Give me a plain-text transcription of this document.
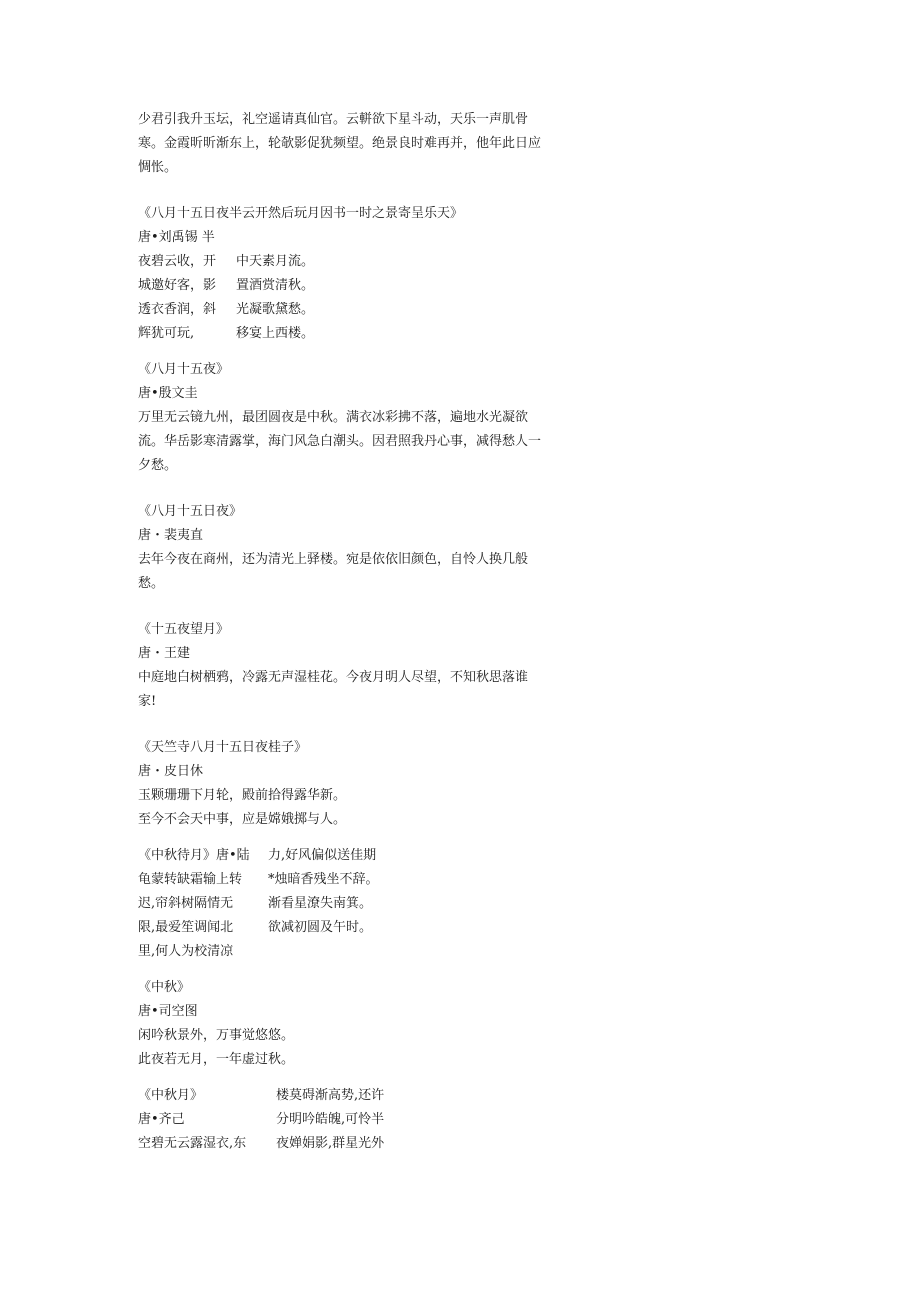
少君引我升玉坛，礼空遥请真仙官。云軿欲下星斗动，天乐一声肌骨寒。金霞昕昕渐东上，轮欹影促犹频望。绝景良时难再并，他年此日应惆怅。
《八月十五日夜半云开然后玩月因书一时之景寄呈乐天》
唐•刘禹锡 半
夜碧云收，开
城邀好客，影
透衣香润，斜
辉犹可玩,
中天素月流。
置酒赏清秋。
光凝歌黛愁。
移宴上西楼。
《八月十五夜》
唐•殷文圭
万里无云镜九州，最团圆夜是中秋。满衣冰彩拂不落，遍地水光凝欲流。华岳影寒清露掌，海门风急白潮头。因君照我丹心事，减得愁人一夕愁。
《八月十五日夜》
唐・裴夷直
去年今夜在商州，还为清光上驿楼。宛是依依旧颜色，自怜人换几般愁。
《十五夜望月》
唐・王建
中庭地白树栖鸦，冷露无声湿桂花。今夜月明人尽望，不知秋思落谁家!
《天竺寺八月十五日夜桂子》
唐・皮日休
玉颗珊珊下月轮，殿前拾得露华新。
至今不会天中事，应是嫦娥掷与人。
《中秋待月》唐•陆
龟蒙转缺霜输上转
迟,帘斜树隔情无
限,最爱笙调闻北
里,何人为校清凉
力,好风偏似送佳期
*烛暗香残坐不辞。
渐看星潦失南箕。
欲减初圆及午时。
《中秋》
唐•司空图
闲吟秋景外，万事觉悠悠。
此夜若无月，一年虚过秋。
《中秋月》
唐•齐己
空碧无云露湿衣,东
楼莫碍渐高势,还许
分明吟皓魄,可怜半
夜婵娟影,群星光外
